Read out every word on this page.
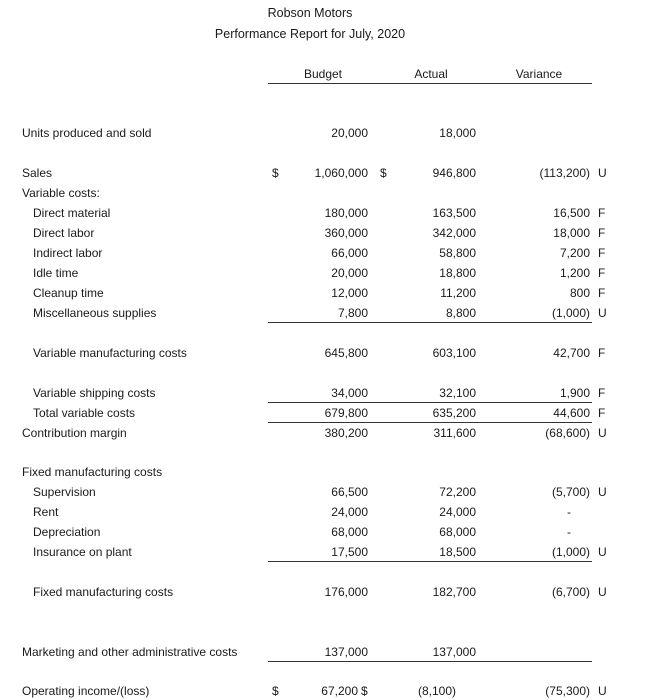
Robson Motors
Performance Report for July, 2020
Budget	Actual	Variance
Units produced and sold	20,000	18,000
Sales	$	1,060,000 $	946,800	(113,200) U
Variable costs:
Direct material	180,000	163,500	16,500 F
Direct labor	360,000	342,000	18,000 F
Indirect labor	66,000	58,800	7,200 F
Idle time	20,000	18,800	1,200 F
Cleanup time	12,000	11,200	800 F
Miscellaneous supplies	7,800	8,800	(1,000) U
Variable manufacturing costs	645,800	603,100	42,700 F
Variable shipping costs	34,000	32,100	1,900 F
Total variable costs	679,800	635,200	44,600 F
Contribution margin	380,200	311,600	(68,600) U
Fixed manufacturing costs
Supervision	66,500	72,200	(5,700) U
Rent	24,000	24,000	-
Depreciation	68,000	68,000	-
Insurance on plant	17,500	18,500	(1,000) U
Fixed manufacturing costs	176,000	182,700	(6,700) U
Marketing and other administrative costs	137,000	137,000
Operating income/(loss)	$	67,200 $	(8,100)	(75,300) U
